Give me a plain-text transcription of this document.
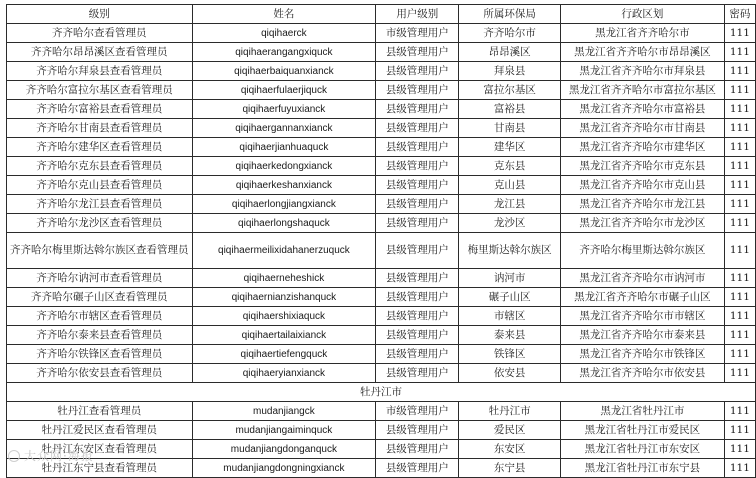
级别	姓名	用户级别	所属环保局	行政区划	密码
齐齐哈尔查看管理员	qiqihaerck	市级管理用户	齐齐哈尔市	黑龙江省齐齐哈尔市	111
齐齐哈尔昂昂溪区查看管理员	qiqihaerangangxiquck	县级管理用户	昂昂溪区	黑龙江省齐齐哈尔市昂昂溪区	111
齐齐哈尔拜泉县查看管理员	qiqihaerbaiquanxianck	县级管理用户	拜泉县	黑龙江省齐齐哈尔市拜泉县	111
齐齐哈尔富拉尔基区查看管理员	qiqihaerfulaerjiquck	县级管理用户	富拉尔基区	黑龙江省齐齐哈尔市富拉尔基区	111
齐齐哈尔富裕县查看管理员	qiqihaerfuyuxianck	县级管理用户	富裕县	黑龙江省齐齐哈尔市富裕县	111
齐齐哈尔甘南县查看管理员	qiqihaergannanxianck	县级管理用户	甘南县	黑龙江省齐齐哈尔市甘南县	111
齐齐哈尔建华区查看管理员	qiqihaerjianhuaquck	县级管理用户	建华区	黑龙江省齐齐哈尔市建华区	111
齐齐哈尔克东县查看管理员	qiqihaerkedongxianck	县级管理用户	克东县	黑龙江省齐齐哈尔市克东县	111
齐齐哈尔克山县查看管理员	qiqihaerkeshanxianck	县级管理用户	克山县	黑龙江省齐齐哈尔市克山县	111
齐齐哈尔龙江县查看管理员	qiqihaerlongjiangxianck	县级管理用户	龙江县	黑龙江省齐齐哈尔市龙江县	111
齐齐哈尔龙沙区查看管理员	qiqihaerlongshaquck	县级管理用户	龙沙区	黑龙江省齐齐哈尔市龙沙区	111
齐齐哈尔梅里斯达斡尔族区查看管理员	qiqihaermeilixidahanerzuquck	县级管理用户	梅里斯达斡尔族区	齐齐哈尔梅里斯达斡尔族区	111
齐齐哈尔讷河市查看管理员	qiqihaerneheshick	县级管理用户	讷河市	黑龙江省齐齐哈尔市讷河市	111
齐齐哈尔碾子山区查看管理员	qiqihaernianzishanquck	县级管理用户	碾子山区	黑龙江省齐齐哈尔市碾子山区	111
齐齐哈尔市辖区查看管理员	qiqihaershixiaquck	县级管理用户	市辖区	黑龙江省齐齐哈尔市市辖区	111
齐齐哈尔泰来县查看管理员	qiqihaertailaixianck	县级管理用户	泰来县	黑龙江省齐齐哈尔市泰来县	111
齐齐哈尔铁锋区查看管理员	qiqihaertiefengquck	县级管理用户	铁锋区	黑龙江省齐齐哈尔市铁锋区	111
齐齐哈尔依安县查看管理员	qiqihaeryianxianck	县级管理用户	依安县	黑龙江省齐齐哈尔市依安县	111
牡丹江市					
牡丹江查看管理员	mudanjiangck	市级管理用户	牡丹江市	黑龙江省牡丹江市	111
牡丹江爱民区查看管理员	mudanjiangaiminquck	县级管理用户	爱民区	黑龙江省牡丹江市爱民区	111
牡丹江东安区查看管理员	mudanjiangdonganquck	县级管理用户	东安区	黑龙江省牡丹江市东安区	111
牡丹江东宁县查看管理员	mudanjiangdongningxianck	县级管理用户	东宁县	黑龙江省牡丹江市东宁县	111
大众网·海报
